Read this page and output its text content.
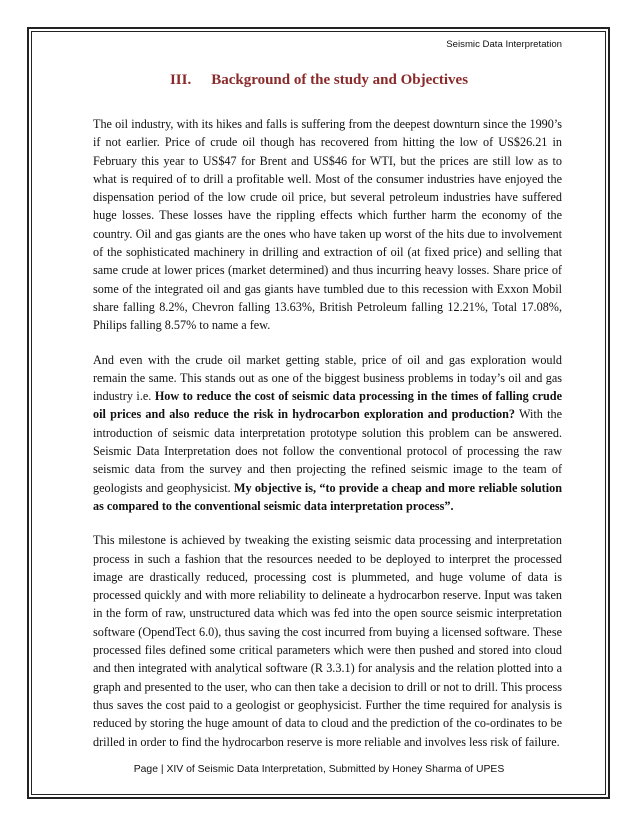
Seismic Data Interpretation
III. Background of the study and Objectives

The oil industry, with its hikes and falls is suffering from the deepest downturn since the 1990’s if not earlier. Price of crude oil though has recovered from hitting the low of US$26.21 in February this year to US$47 for Brent and US$46 for WTI, but the prices are still low as to what is required of to drill a profitable well. Most of the consumer industries have enjoyed the dispensation period of the low crude oil price, but several petroleum industries have suffered huge losses. These losses have the rippling effects which further harm the economy of the country. Oil and gas giants are the ones who have taken up worst of the hits due to involvement of the sophisticated machinery in drilling and extraction of oil (at fixed price) and selling that same crude at lower prices (market determined) and thus incurring heavy losses. Share price of some of the integrated oil and gas giants have tumbled due to this recession with Exxon Mobil share falling 8.2%, Chevron falling 13.63%, British Petroleum falling 12.21%, Total 17.08%, Philips falling 8.57% to name a few.

And even with the crude oil market getting stable, price of oil and gas exploration would remain the same. This stands out as one of the biggest business problems in today’s oil and gas industry i.e. How to reduce the cost of seismic data processing in the times of falling crude oil prices and also reduce the risk in hydrocarbon exploration and production? With the introduction of seismic data interpretation prototype solution this problem can be answered. Seismic Data Interpretation does not follow the conventional protocol of processing the raw seismic data from the survey and then projecting the refined seismic image to the team of geologists and geophysicist. My objective is, “to provide a cheap and more reliable solution as compared to the conventional seismic data interpretation process”.

This milestone is achieved by tweaking the existing seismic data processing and interpretation process in such a fashion that the resources needed to be deployed to interpret the processed image are drastically reduced, processing cost is plummeted, and huge volume of data is processed quickly and with more reliability to delineate a hydrocarbon reserve. Input was taken in the form of raw, unstructured data which was fed into the open source seismic interpretation software (OpendTect 6.0), thus saving the cost incurred from buying a licensed software. These processed files defined some critical parameters which were then pushed and stored into cloud and then integrated with analytical software (R 3.3.1) for analysis and the relation plotted into a graph and presented to the user, who can then take a decision to drill or not to drill. This process thus saves the cost paid to a geologist or geophysicist. Further the time required for analysis is reduced by storing the huge amount of data to cloud and the prediction of the co-ordinates to be drilled in order to find the hydrocarbon reserve is more reliable and involves less risk of failure.

Page | XIV of Seismic Data Interpretation, Submitted by Honey Sharma of UPES
